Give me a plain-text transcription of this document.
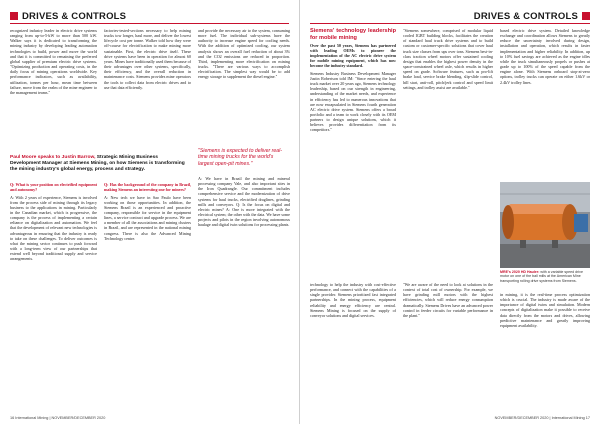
DRIVES & CONTROLS

recognized industry leader in electric drive systems ranging from up-to-5-kW to more than 500 kW. Walker says it is dedicated to transforming the mining industry by developing leading automation technologies to build, power and move the world and that it is committed to remaining the preferred global supplier of premium electric drive systems. "Optimizing production and operating costs, in the daily focus of mining operations worldwide. Key performance indicators, such as availability, utilization, tonnes per hour, mean time between failure, move from the realm of the mine engineer to the management teams."

factories-tested-sections necessary to help mining trucks tow longer, haul more, and deliver the lowest lifecycle cost per tonne. Walker told how they were off-course for electrification to make mining more sustainable. First, the electric drive itself. These drive systems have been in operation for almost 60 years. Mines have traditionally used them because of their advantages over other systems, specifically, their efficiency, and the overall reduction in maintenance costs. Siemens provides mine operators the tools to collect data from electric drives and to use that data efficiently.

and provide the necessary air to the system, consuming more fuel. The individual sub-systems have the authority to increase engine speed for cooling needs. With the addition of optimized cooling, our system analysis shows an overall fuel reduction of about 3% and the CO2 emissions are reduced in proportion. Third, implementing more electrification on mining trucks. "There are various ways to accomplish electrification. The simplest way would be to add energy storage to supplement the diesel engine."

Paul Moore speaks to Justin Barrow, Strategic Mining Business Development Manager at Siemens Mining, on how Siemens is transforming the mining industry's global energy, process and strategy.

Q: What is your position on electrified equipment and autonomy?

A: With 2 years of experience, Siemens is involved from the process side of mining through its legacy business to the applications in mining. Particularly in the Canadian market, which is progressive, the company is the process of implementing a certain reliance on digitalization and automation. We feel that the development of relevant new technologies is advantageous in ensuring that the industry is ready to take on these challenges. To deliver outcomes is what the mining sector continues to push forward with a long-term view of our partnerships that extend well beyond traditional supply and service arrangements.

Q: Has the background of the company in Brazil, making Siemens an interesting one for miners?

A: New tech we have in Sao Paulo have been working on those opportunities. In addition, the Siemens Brazil is an experienced and proactive company, responsible for service in the equipment lines, a service contract and upgrade process. We are a member of all the associations and mining clusters in Brazil, and are represented in the national mining congress. There is also the Advanced Mining Technology centre.

A: We have in Brazil the mining and mineral processing company Vale, and also important sites in the Iron Quadrangle. Our commitment includes comprehensive service and the modernization of drive systems for haul trucks, electrified draglines, grinding mills and conveyors. Q: Is the focus on digital and electric mines? A: One is more integrated with the electrical system; the other with the data. We have some projects and pilots in the region involving autonomous haulage and digital twin solutions for processing plants.

"Siemens is expected to deliver real-time mining trucks for the world's largest open-pit mines."
16 International Mining | NOVEMBER/DECEMBER 2020
DRIVES & CONTROLS
Siemens' technology leadership for mobile mining

Over the past 50 years, Siemens has partnered with leading OEMs to pioneer the implementation of the AC electric drive system for mobile mining equipment, which has now become the industry standard.

Siemens Industry Business Development Manager Justin Robertson told IM: "Since entering the haul truck market over 20 years ago, Siemens technology leadership, based on our strength in engineering, understanding of the market needs, and experience in efficiency has led to numerous innovations that are now encapsulated in Siemens fourth generation AC electric drive system. Siemens offers a broad portfolio and a team to work closely with its OEM partners to design unique solutions, which it believes provides differentiation from its competitors."

"Siemens somewhere, comprised of modular liquid cooled IGBT building blocks, facilitates the creation of standard haul truck drive systems and to build custom or customer-specific solutions that cover haul truck size classes from ups over tons. Siemens best-in-class traction wheel motors offer sustained cooling design that enables the highest power density in the space-constrained wheel axle, which results in higher speed on grade. Software features, such as pro-lift brake load, service brake blending, slip-slide control, hill start, anti-roll, pitch/jerk control and speed limit settings, and trolley assist are available."

based electric drive system. Detailed knowledge exchange and coordination allows Siemens to greatly reduce the uncertainty involved during design, installation and operation, which results in faster implementation and higher reliability. In addition, up to 10% fuel savings are achieved as the engine idles while the truck simultaneously propels or pushes at grade up to 100% of the speed capable from the engine alone. With Siemens onboard stop-at-zero options, trolley trucks can operate on either 1.6kV or 2.4kV trolley lines.

MRE's 2020 HD Hauler: with a variable speed drive motor on one of the ball mills at the American Mine transporting rolling drive systems from Siemens.

technology to help the industry with cost-effective performance, and connect with the capabilities of a single provider. Siemens prioritized fast integrated partnerships. In the mining process, equipment reliability and energy efficiency are central. Siemens Mining is focused on the supply of conveyor solutions and digital services.

"We are aware of the need to look at solutions in the context of total cost of ownership. For example, we have grinding mill motors with the highest efficiencies, which will reduce energy consumption dramatically. Siemens Drives have an advanced power control in feeder circuits for variable performance in the plant."

in mining, it is the real-time process optimization which is crucial. The industry is made aware of the importance of digital twins and simulation. Modern concepts of digitalization make it possible to receive data directly from the motors and drives, allowing predictive maintenance and greatly improving equipment availability.

NOVEMBER/DECEMBER 2020 | International Mining 17
